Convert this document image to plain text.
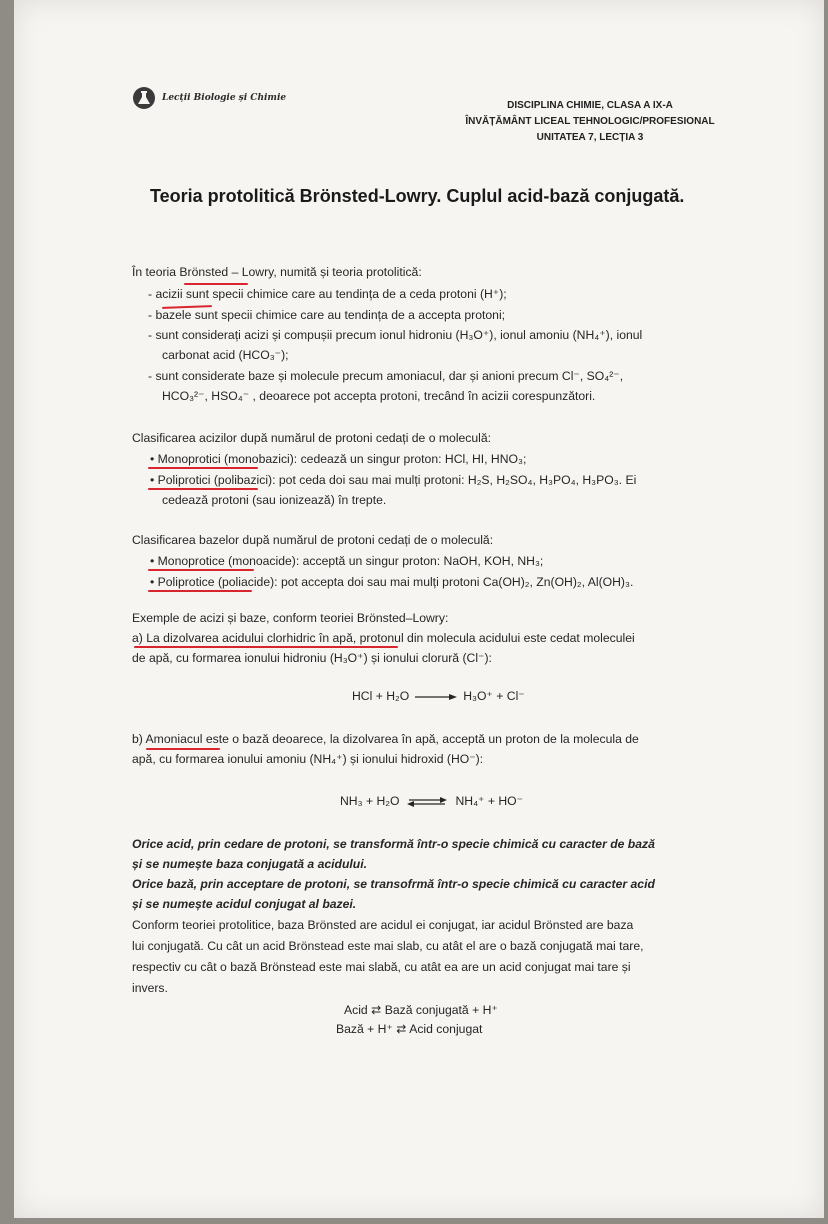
Lecții Biologie și Chimie
DISCIPLINA CHIMIE, CLASA A IX-A
ÎNVĂȚĂMÂNT LICEAL TEHNOLOGIC/PROFESIONAL
UNITATEA 7, LECȚIA 3
Teoria protolitică Brönsted-Lowry. Cuplul acid-bază conjugată.
În teoria Brönsted – Lowry, numită și teoria protolitică:
- acizii sunt specii chimice care au tendința de a ceda protoni (H⁺);
- bazele sunt specii chimice care au tendința de a accepta protoni;
- sunt considerați acizi și compușii precum ionul hidroniu (H₃O⁺), ionul amoniu (NH₄⁺), ionul
carbonat acid (HCO₃⁻);
- sunt considerate baze și molecule precum amoniacul, dar și anioni precum Cl⁻, SO₄²⁻,
HCO₃²⁻, HSO₄⁻ , deoarece pot accepta protoni, trecând în acizii corespunzători.
Clasificarea acizilor după numărul de protoni cedați de o moleculă:
• Monoprotici (monobazici): cedează un singur proton: HCl, HI, HNO₃;
• Poliprotici (polibazici): pot ceda doi sau mai mulți protoni: H₂S, H₂SO₄, H₃PO₄, H₃PO₃. Ei
cedează protoni (sau ionizează) în trepte.
Clasificarea bazelor după numărul de protoni cedați de o moleculă:
• Monoprotice (monoacide): acceptă un singur proton: NaOH, KOH, NH₃;
• Poliprotice (poliacide): pot accepta doi sau mai mulți protoni Ca(OH)₂, Zn(OH)₂, Al(OH)₃.
Exemple de acizi și baze, conform teoriei Brönsted–Lowry:
a) La dizolvarea acidului clorhidric în apă, protonul din molecula acidului este cedat moleculei
de apă, cu formarea ionului hidroniu (H₃O⁺) și ionului clorură (Cl⁻):
HCl + H₂O → H₃O⁺ + Cl⁻
b) Amoniacul este o bază deoarece, la dizolvarea în apă, acceptă un proton de la molecula de
apă, cu formarea ionului amoniu (NH₄⁺) și ionului hidroxid (HO⁻):
NH₃ + H₂O ⇌ NH₄⁺ + HO⁻
Orice acid, prin cedare de protoni, se transformă într-o specie chimică cu caracter de bază
și se numește baza conjugată a acidului.
Orice bază, prin acceptare de protoni, se transofrmă într-o specie chimică cu caracter acid
și se numește acidul conjugat al bazei.
Conform teoriei protolitice, baza Brönsted are acidul ei conjugat, iar acidul Brönsted are baza
lui conjugată. Cu cât un acid Brönstead este mai slab, cu atât el are o bază conjugată mai tare,
respectiv cu cât o bază Brönstead este mai slabă, cu atât ea are un acid conjugat mai tare și
invers.
Acid ⇄ Bază conjugată + H⁺
Bază + H⁺ ⇄ Acid conjugat
